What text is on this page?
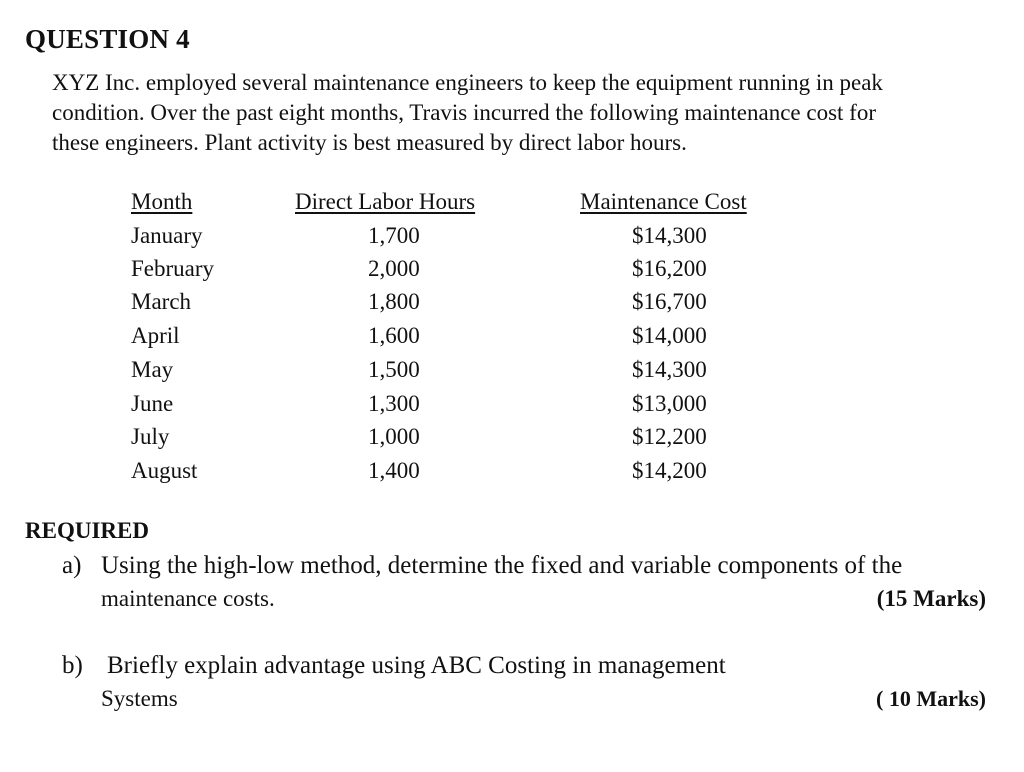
QUESTION 4
XYZ Inc. employed several maintenance engineers to keep the equipment running in peak
condition. Over the past eight months, Travis incurred the following maintenance cost for
these engineers. Plant activity is best measured by direct labor hours.
Month	Direct Labor Hours	Maintenance Cost
January	1,700	$14,300
February	2,000	$16,200
March	1,800	$16,700
April	1,600	$14,000
May	1,500	$14,300
June	1,300	$13,000
July	1,000	$12,200
August	1,400	$14,200
REQUIRED
a) Using the high-low method, determine the fixed and variable components of the
maintenance costs.	(15 Marks)
b) Briefly explain advantage using ABC Costing in management
Systems	( 10 Marks)
